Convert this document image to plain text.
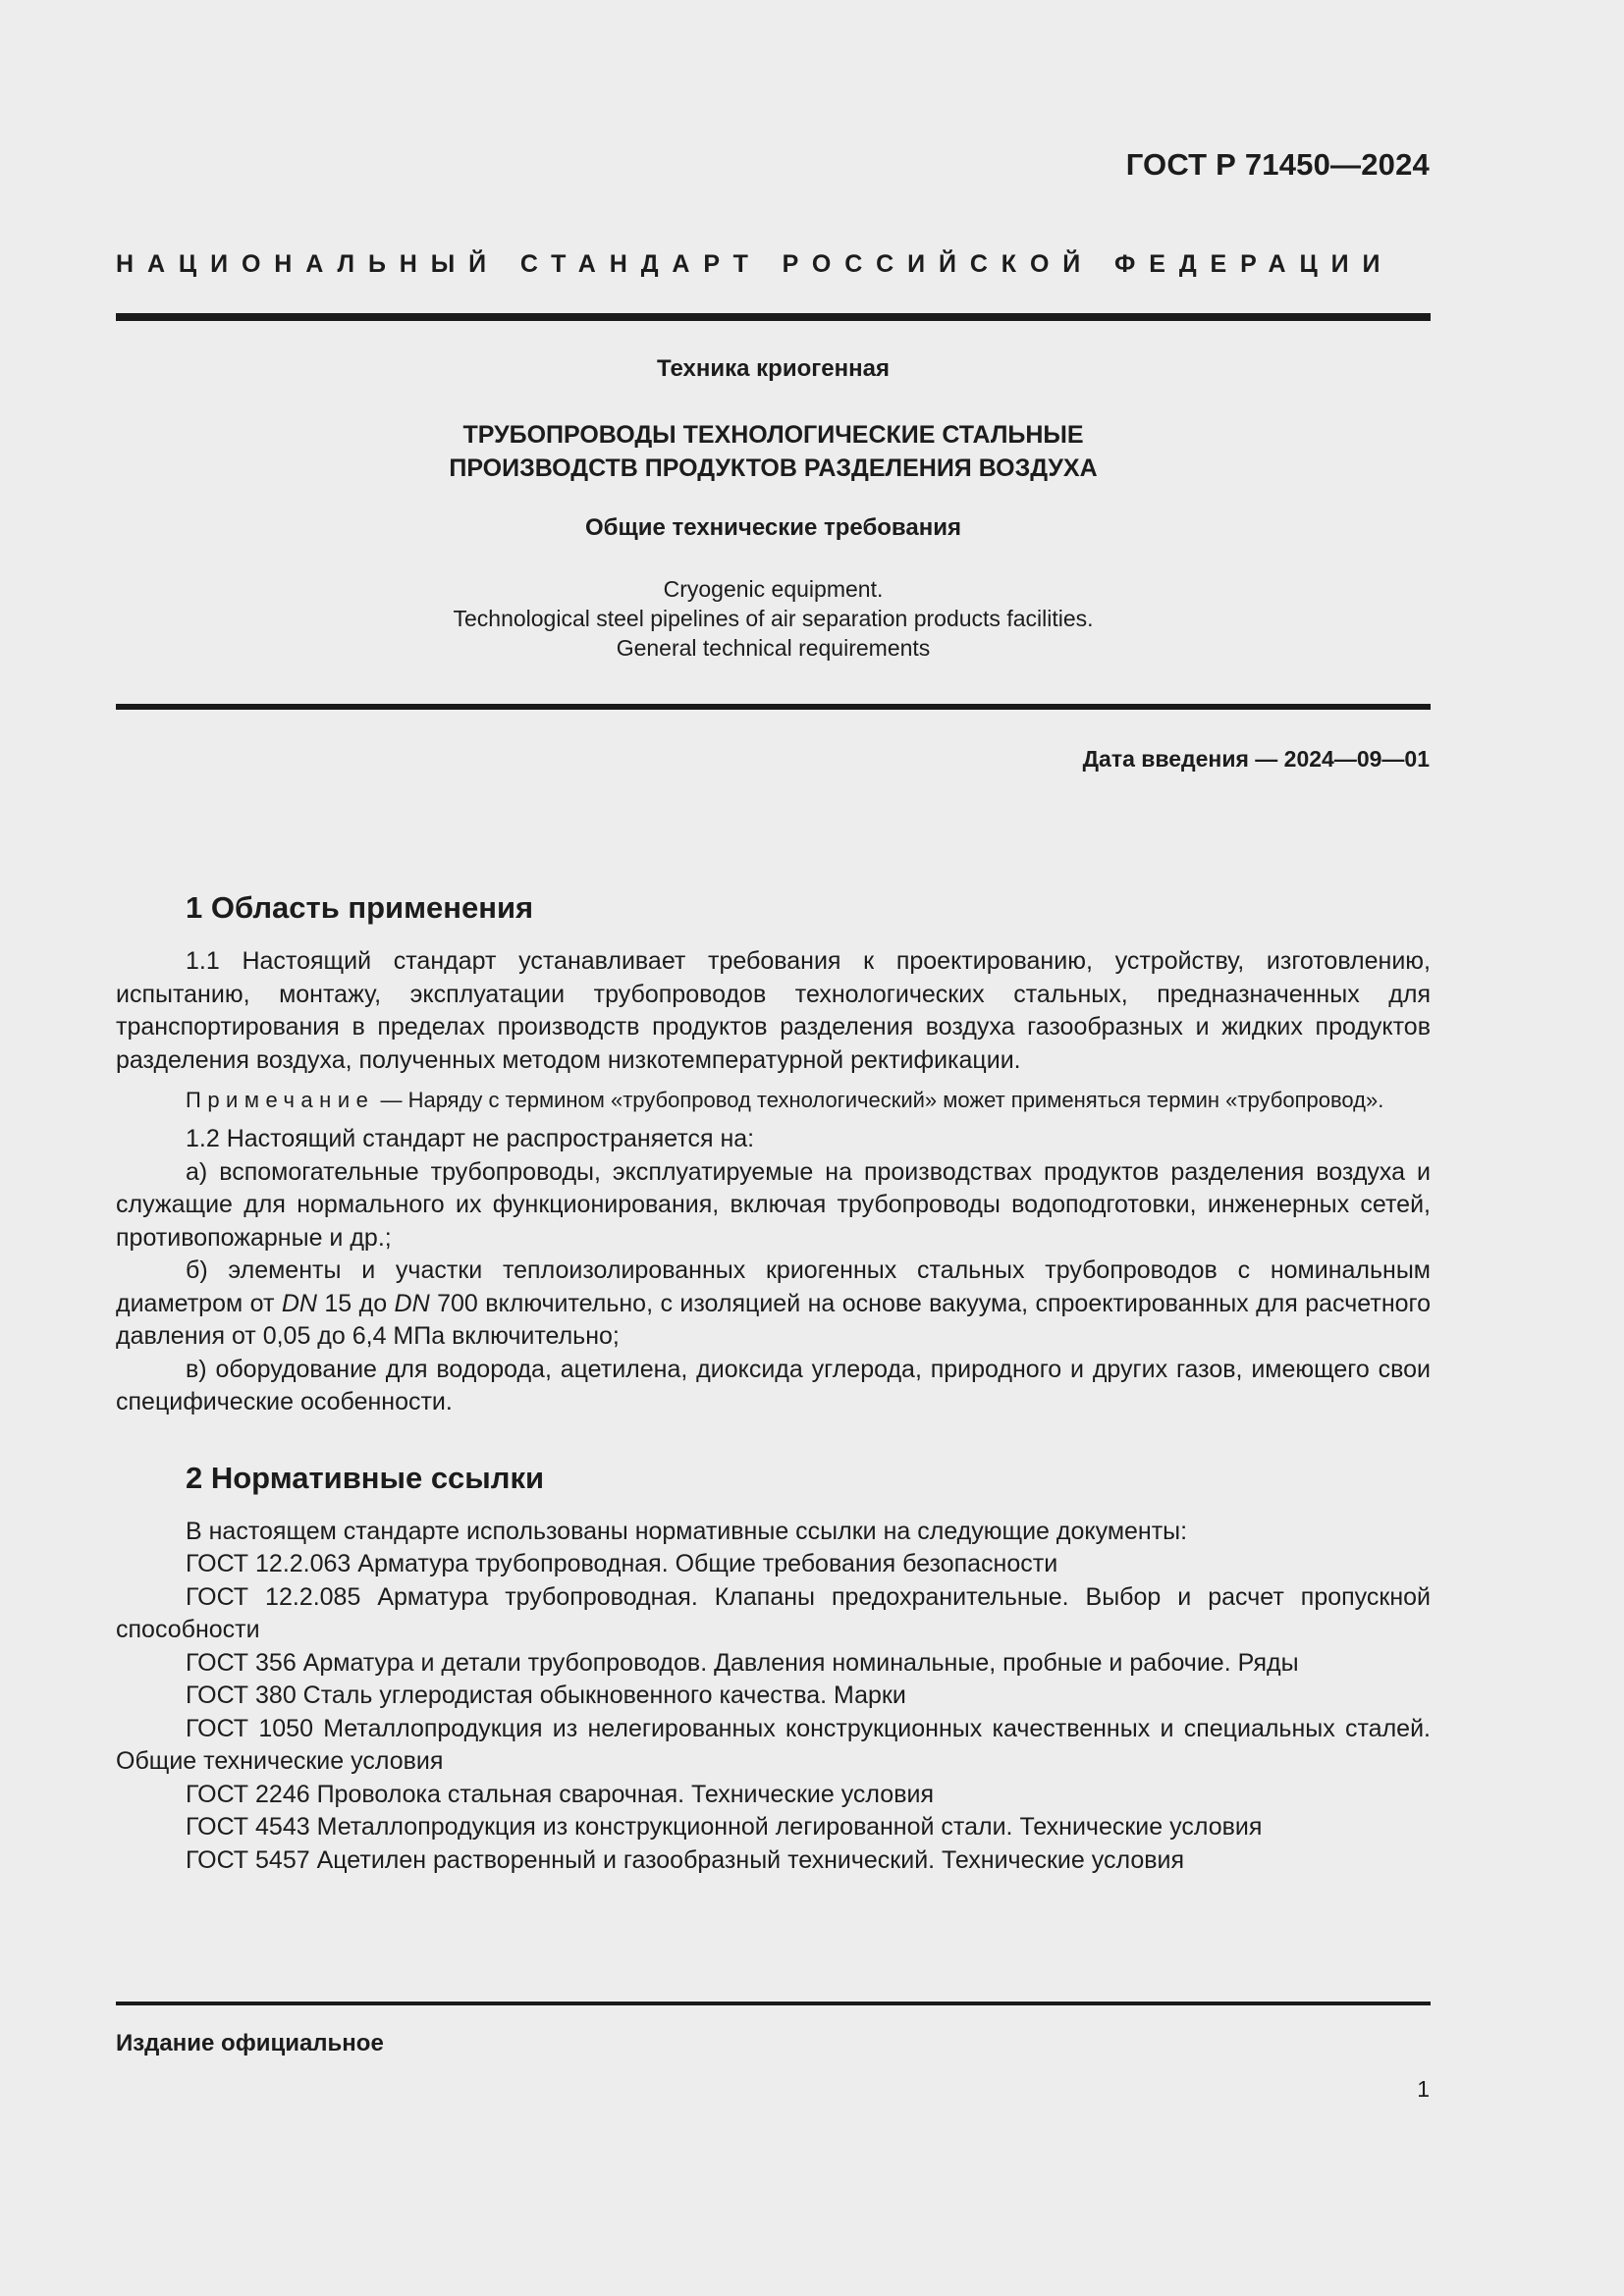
ГОСТ Р 71450—2024
НАЦИОНАЛЬНЫЙ СТАНДАРТ РОССИЙСКОЙ ФЕДЕРАЦИИ
Техника криогенная
ТРУБОПРОВОДЫ ТЕХНОЛОГИЧЕСКИЕ СТАЛЬНЫЕ
ПРОИЗВОДСТВ ПРОДУКТОВ РАЗДЕЛЕНИЯ ВОЗДУХА
Общие технические требования
Cryogenic equipment.
Technological steel pipelines of air separation products facilities.
General technical requirements
Дата введения — 2024—09—01
1 Область применения

1.1 Настоящий стандарт устанавливает требования к проектированию, устройству, изготовлению, испытанию, монтажу, эксплуатации трубопроводов технологических стальных, предназначенных для транспортирования в пределах производств продуктов разделения воздуха газообразных и жидких продуктов разделения воздуха, полученных методом низкотемпературной ректификации.

Примечание — Наряду с термином «трубопровод технологический» может применяться термин «трубопровод».

1.2 Настоящий стандарт не распространяется на:

а) вспомогательные трубопроводы, эксплуатируемые на производствах продуктов разделения воздуха и служащие для нормального их функционирования, включая трубопроводы водоподготовки, инженерных сетей, противопожарные и др.;

б) элементы и участки теплоизолированных криогенных стальных трубопроводов с номинальным диаметром от DN 15 до DN 700 включительно, с изоляцией на основе вакуума, спроектированных для расчетного давления от 0,05 до 6,4 МПа включительно;

в) оборудование для водорода, ацетилена, диоксида углерода, природного и других газов, имеющего свои специфические особенности.

2 Нормативные ссылки

В настоящем стандарте использованы нормативные ссылки на следующие документы:

ГОСТ 12.2.063 Арматура трубопроводная. Общие требования безопасности

ГОСТ 12.2.085 Арматура трубопроводная. Клапаны предохранительные. Выбор и расчет пропускной способности

ГОСТ 356 Арматура и детали трубопроводов. Давления номинальные, пробные и рабочие. Ряды

ГОСТ 380 Сталь углеродистая обыкновенного качества. Марки

ГОСТ 1050 Металлопродукция из нелегированных конструкционных качественных и специальных сталей. Общие технические условия

ГОСТ 2246 Проволока стальная сварочная. Технические условия

ГОСТ 4543 Металлопродукция из конструкционной легированной стали. Технические условия

ГОСТ 5457 Ацетилен растворенный и газообразный технический. Технические условия

Издание официальное
1
